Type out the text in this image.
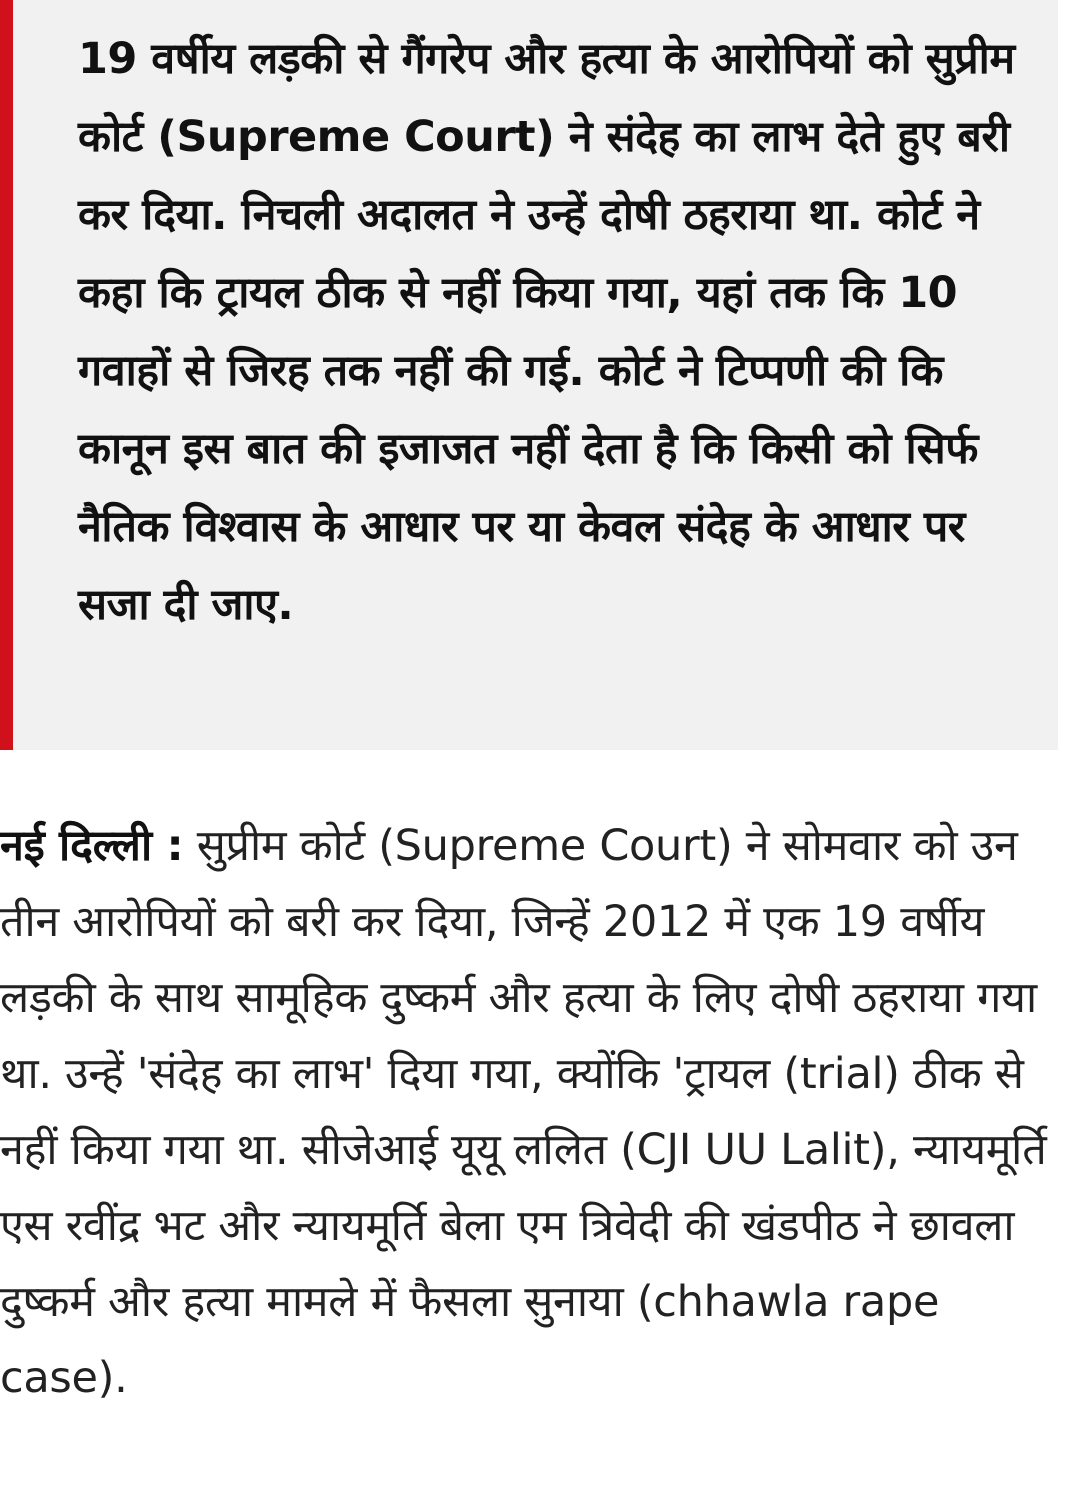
19 वर्षीय लड़की से गैंगरेप और हत्या के आरोपियों को सुप्रीम कोर्ट (Supreme Court) ने संदेह का लाभ देते हुए बरी कर दिया. निचली अदालत ने उन्हें दोषी ठहराया था. कोर्ट ने कहा कि ट्रायल ठीक से नहीं किया गया, यहां तक कि 10 गवाहों से जिरह तक नहीं की गई. कोर्ट ने टिप्पणी की कि कानून इस बात की इजाजत नहीं देता है कि किसी को सिर्फ नैतिक विश्वास के आधार पर या केवल संदेह के आधार पर सजा दी जाए.

नई दिल्ली : सुप्रीम कोर्ट (Supreme Court) ने सोमवार को उन तीन आरोपियों को बरी कर दिया, जिन्हें 2012 में एक 19 वर्षीय लड़की के साथ सामूहिक दुष्कर्म और हत्या के लिए दोषी ठहराया गया था. उन्हें 'संदेह का लाभ' दिया गया, क्योंकि 'ट्रायल (trial) ठीक से नहीं किया गया था. सीजेआई यूयू ललित (CJI UU Lalit), न्यायमूर्ति एस रवींद्र भट और न्यायमूर्ति बेला एम त्रिवेदी की खंडपीठ ने छावला दुष्कर्म और हत्या मामले में फैसला सुनाया (chhawla rape case).
